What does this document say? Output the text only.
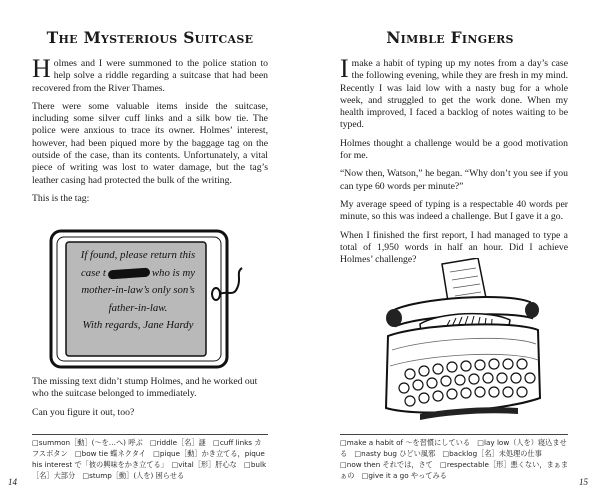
The Mysterious Suitcase

Holmes and I were summoned to the police station to help solve a riddle regarding a suitcase that had been recovered from the River Thames.

There were some valuable items inside the suitcase, including some silver cuff links and a silk bow tie. The police were anxious to trace its owner. Holmes’ interest, however, had been piqued more by the baggage tag on the outside of the case, than its contents. Unfortunately, a vital piece of writing was lost to water damage, but the tag’s leather casing had protected the bulk of the writing.

This is the tag:

If found, please return this
case t	who is my
mother-in-law’s only son’s
father-in-law.
With regards, Jane Hardy

The missing text didn’t stump Holmes, and he worked out who the suitcase belonged to immediately.

Can you figure it out, too?

□summon［動］(～を…へ) 呼ぶ　□riddle［名］謎　□cuff links カフスボタン　□bow tie 蝶ネクタイ　□pique［動］かき立てる，pique his interest で「彼の興味をかき立てる」　□vital［形］肝心な　□bulk［名］大部分　□stump［動］(人を) 困らせる
14
Nimble Fingers

Imake a habit of typing up my notes from a day’s case the following evening, while they are fresh in my mind. Recently I was laid low with a nasty bug for a whole week, and struggled to get the work done. When my health improved, I faced a backlog of notes waiting to be typed.

Holmes thought a challenge would be a good motivation for me.

“Now then, Watson,” he began. “Why don’t you see if you can type 60 words per minute?”

My average speed of typing is a respectable 40 words per minute, so this was indeed a challenge. But I gave it a go.

When I finished the first report, I had managed to type a total of 1,950 words in half an hour. Did I achieve Holmes’ challenge?

□make a habit of ～を習慣にしている　□lay low（人を）寝込ませる　□nasty bug ひどい風邪　□backlog［名］未処理の仕事　□now then それでは，さて　□respectable［形］悪くない，まぁまぁの　□give it a go やってみる
15
